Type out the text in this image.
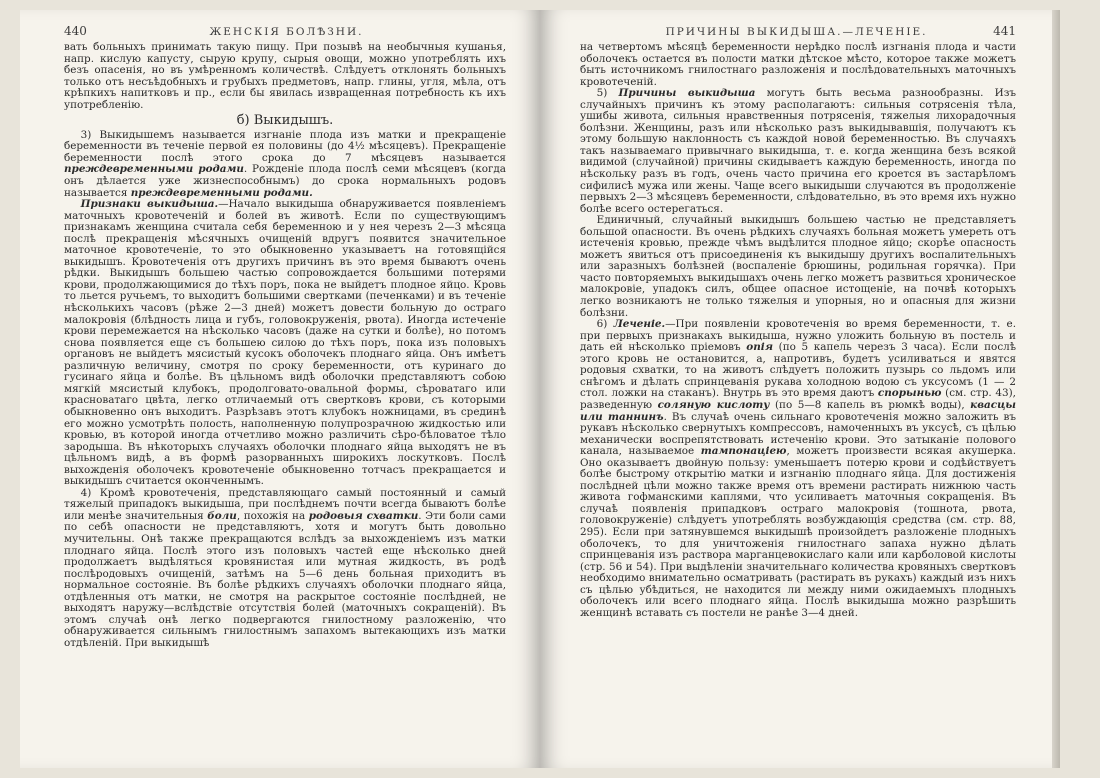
440	ЖЕНСКІЯ БОЛѢЗНИ.

вать больныхъ принимать такую пищу. При позывѣ на необычныя кушанья, напр. кислую капусту, сырую крупу, сырыя овощи, можно употреблять ихъ безъ опасенія, но въ умѣренномъ количествѣ. Слѣдуетъ отклонять больныхъ только отъ несъѣдобныхъ и грубыхъ предметовъ, напр. глины, угля, мѣла, отъ крѣпкихъ напитковъ и пр., если бы явилась извращенная потребность къ ихъ употребленію.

б) Выкидышъ.

3) Выкидышемъ называется изгнаніе плода изъ матки и прекращеніе беременности въ теченіе первой ея половины (до 4½ мѣсяцевъ). Прекращеніе беременности послѣ этого срока до 7 мѣсяцевъ называется преждевременными родами. Рожденіе плода послѣ семи мѣсяцевъ (когда онъ дѣлается уже жизнеспособнымъ) до срока нормальныхъ родовъ называется преждевременными родами.

Признаки выкидыша.—Начало выкидыша обнаруживается появленіемъ маточныхъ кровотеченій и болей въ животѣ. Если по существующимъ признакамъ женщина считала себя беременною и у нея черезъ 2—3 мѣсяца послѣ прекращенія мѣсячныхъ очищеній вдругъ появится значительное маточное кровотеченіе, то это обыкновенно указываетъ на готовящійся выкидышъ. Кровотеченія отъ другихъ причинъ въ это время бываютъ очень рѣдки. Выкидышъ большею частью сопровождается большими потерями крови, продолжающимися до тѣхъ поръ, пока не выйдетъ плодное яйцо. Кровь то льется ручьемъ, то выходитъ большими свертками (печенками) и въ теченіе нѣсколькихъ часовъ (рѣже 2—3 дней) можетъ довести больную до остраго малокровія (блѣдность лица и губъ, головокруженія, рвота). Иногда истеченіе крови перемежается на нѣсколько часовъ (даже на сутки и болѣе), но потомъ снова появляется еще съ большею силою до тѣхъ поръ, пока изъ половыхъ органовъ не выйдетъ мясистый кусокъ оболочекъ плоднаго яйца. Онъ имѣетъ различную величину, смотря по сроку беременности, отъ куринаго до гусинаго яйца и болѣе. Въ цѣльномъ видѣ оболочки представляютъ собою мягкій мясистый клубокъ, продолговато-овальной формы, сѣроватаго или красноватаго цвѣта, легко отличаемый отъ свертковъ крови, съ которыми обыкновенно онъ выходитъ. Разрѣзавъ этотъ клубокъ ножницами, въ срединѣ его можно усмотрѣть полость, наполненную полупрозрачною жидкостью или кровью, въ которой иногда отчетливо можно различить сѣро-бѣловатое тѣло зародыша. Въ нѣкоторыхъ случаяхъ оболочки плоднаго яйца выходятъ не въ цѣльномъ видѣ, а въ формѣ разорванныхъ широкихъ лоскутковъ. Послѣ выхожденія оболочекъ кровотеченіе обыкновенно тотчасъ прекращается и выкидышъ считается оконченнымъ.

4) Кромѣ кровотеченія, представляющаго самый постоянный и самый тяжелый припадокъ выкидыша, при послѣднемъ почти всегда бываютъ болѣе или менѣе значительныя боли, похожія на родовыя схватки. Эти боли сами по себѣ опасности не представляютъ, хотя и могутъ быть довольно мучительны. Онѣ также прекращаются вслѣдъ за выхожденіемъ изъ матки плоднаго яйца. Послѣ этого изъ половыхъ частей еще нѣсколько дней продолжаетъ выдѣляться кровянистая или мутная жидкость, въ родѣ послѣродовыхъ очищеній, затѣмъ на 5—6 день больная приходитъ въ нормальное состояніе. Въ болѣе рѣдкихъ случаяхъ оболочки плоднаго яйца, отдѣленныя отъ матки, не смотря на раскрытое состояніе послѣдней, не выходятъ наружу—вслѣдствіе отсутствія болей (маточныхъ сокращеній). Въ этомъ случаѣ онѣ легко подвергаются гнилостному разложенію, что обнаруживается сильнымъ гнилостнымъ запахомъ вытекающихъ изъ матки отдѣленій. При выкидышѣ

ПРИЧИНЫ ВЫКИДЫША.—ЛЕЧЕНІЕ.	441

на четвертомъ мѣсяцѣ беременности нерѣдко послѣ изгнанія плода и части оболочекъ остается въ полости матки дѣтское мѣсто, которое также можетъ быть источникомъ гнилостнаго разложенія и послѣдовательныхъ маточныхъ кровотеченій.

5) Причины выкидыша могутъ быть весьма разнообразны. Изъ случайныхъ причинъ къ этому располагаютъ: сильныя сотрясенія тѣла, ушибы живота, сильныя нравственныя потрясенія, тяжелыя лихорадочныя болѣзни. Женщины, разъ или нѣсколько разъ выкидывавшія, получаютъ къ этому большую наклонность съ каждой новой беременностью. Въ случаяхъ такъ называемаго привычнаго выкидыша, т. е. когда женщина безъ всякой видимой (случайной) причины скидываетъ каждую беременность, иногда по нѣскольку разъ въ годъ, очень часто причина его кроется въ застарѣломъ сифилисѣ мужа или жены. Чаще всего выкидыши случаются въ продолженіе первыхъ 2—3 мѣсяцевъ беременности, слѣдовательно, въ это время ихъ нужно болѣе всего остерегаться.

Единичный, случайный выкидышъ большею частью не представляетъ большой опасности. Въ очень рѣдкихъ случаяхъ больная можетъ умереть отъ истеченія кровью, прежде чѣмъ выдѣлится плодное яйцо; скорѣе опасность можетъ явиться отъ присоединенія къ выкидышу другихъ воспалительныхъ или заразныхъ болѣзней (воспаленіе брюшины, родильная горячка). При часто повторяемыхъ выкидышахъ очень легко можетъ развиться хроническое малокровіе, упадокъ силъ, общее опасное истощеніе, на почвѣ которыхъ легко возникаютъ не только тяжелыя и упорныя, но и опасныя для жизни болѣзни.

6) Леченіе.—При появленіи кровотеченія во время беременности, т. е. при первыхъ признакахъ выкидыша, нужно уложить больную въ постель и дать ей нѣсколько пріемовъ опія (по 5 капель черезъ 3 часа). Если послѣ этого кровь не остановится, а, напротивъ, будетъ усиливаться и явятся родовыя схватки, то на животъ слѣдуетъ положить пузырь со льдомъ или снѣгомъ и дѣлать спринцеванія рукава холодною водою съ уксусомъ (1 — 2 стол. ложки на стаканъ). Внутрь въ это время даютъ спорынью (см. стр. 43), разведенную соляную кислоту (по 5—8 капель въ рюмкѣ воды), квасцы или таннинъ. Въ случаѣ очень сильнаго кровотеченія можно заложить въ рукавъ нѣсколько свернутыхъ компрессовъ, намоченныхъ въ уксусѣ, съ цѣлью механически воспрепятствовать истеченію крови. Это затыканіе полового канала, называемое тампонаціею, можетъ произвести всякая акушерка. Оно оказываетъ двойную пользу: уменьшаетъ потерю крови и содѣйствуетъ болѣе быстрому открытію матки и изгнанію плоднаго яйца. Для достиженія послѣдней цѣли можно также время отъ времени растирать нижнюю часть живота гофманскими каплями, что усиливаетъ маточныя сокращенія. Въ случаѣ появленія припадковъ остраго малокровія (тошнота, рвота, головокруженіе) слѣдуетъ употреблять возбуждающія средства (см. стр. 88, 295). Если при затянувшемся выкидышѣ произойдетъ разложеніе плодныхъ оболочекъ, то для уничтоженія гнилостнаго запаха нужно дѣлать спринцеванія изъ раствора марганцевокислаго кали или карболовой кислоты (стр. 56 и 54). При выдѣленіи значительнаго количества кровяныхъ свертковъ необходимо внимательно осматривать (растирать въ рукахъ) каждый изъ нихъ съ цѣлью убѣдиться, не находится ли между ними ожидаемыхъ плодныхъ оболочекъ или всего плоднаго яйца. Послѣ выкидыша можно разрѣшить женщинѣ вставать съ постели не ранѣе 3—4 дней.
